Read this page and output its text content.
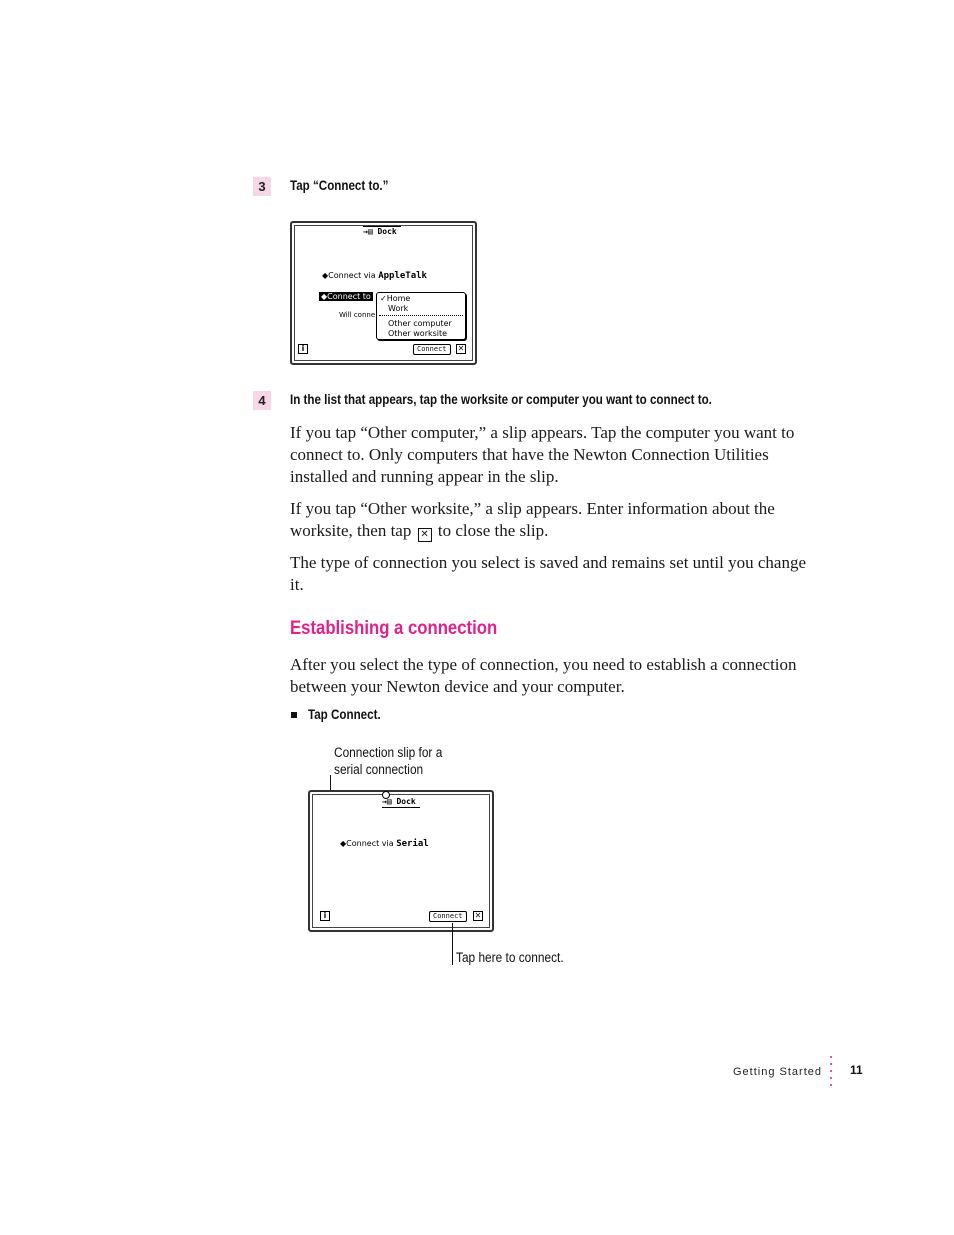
3	Tap “Connect to.”
→▤ Dock
◆Connect via AppleTalk
◆Connect to
Will conne
✓Home
Work
Other computer
Other worksite
i	Connect	✕
4	In the list that appears, tap the worksite or computer you want to connect to.
If you tap “Other computer,” a slip appears. Tap the computer you want to connect to. Only computers that have the Newton Connection Utilities installed and running appear in the slip.
If you tap “Other worksite,” a slip appears. Enter information about the worksite, then tap ✕ to close the slip.
The type of connection you select is saved and remains set until you change it.
Establishing a connection
After you select the type of connection, you need to establish a connection between your Newton device and your computer.
Tap Connect.
Connection slip for a serial connection
→▤ Dock
◆Connect via Serial
i	Connect	✕
Tap here to connect.
Getting Started 11
